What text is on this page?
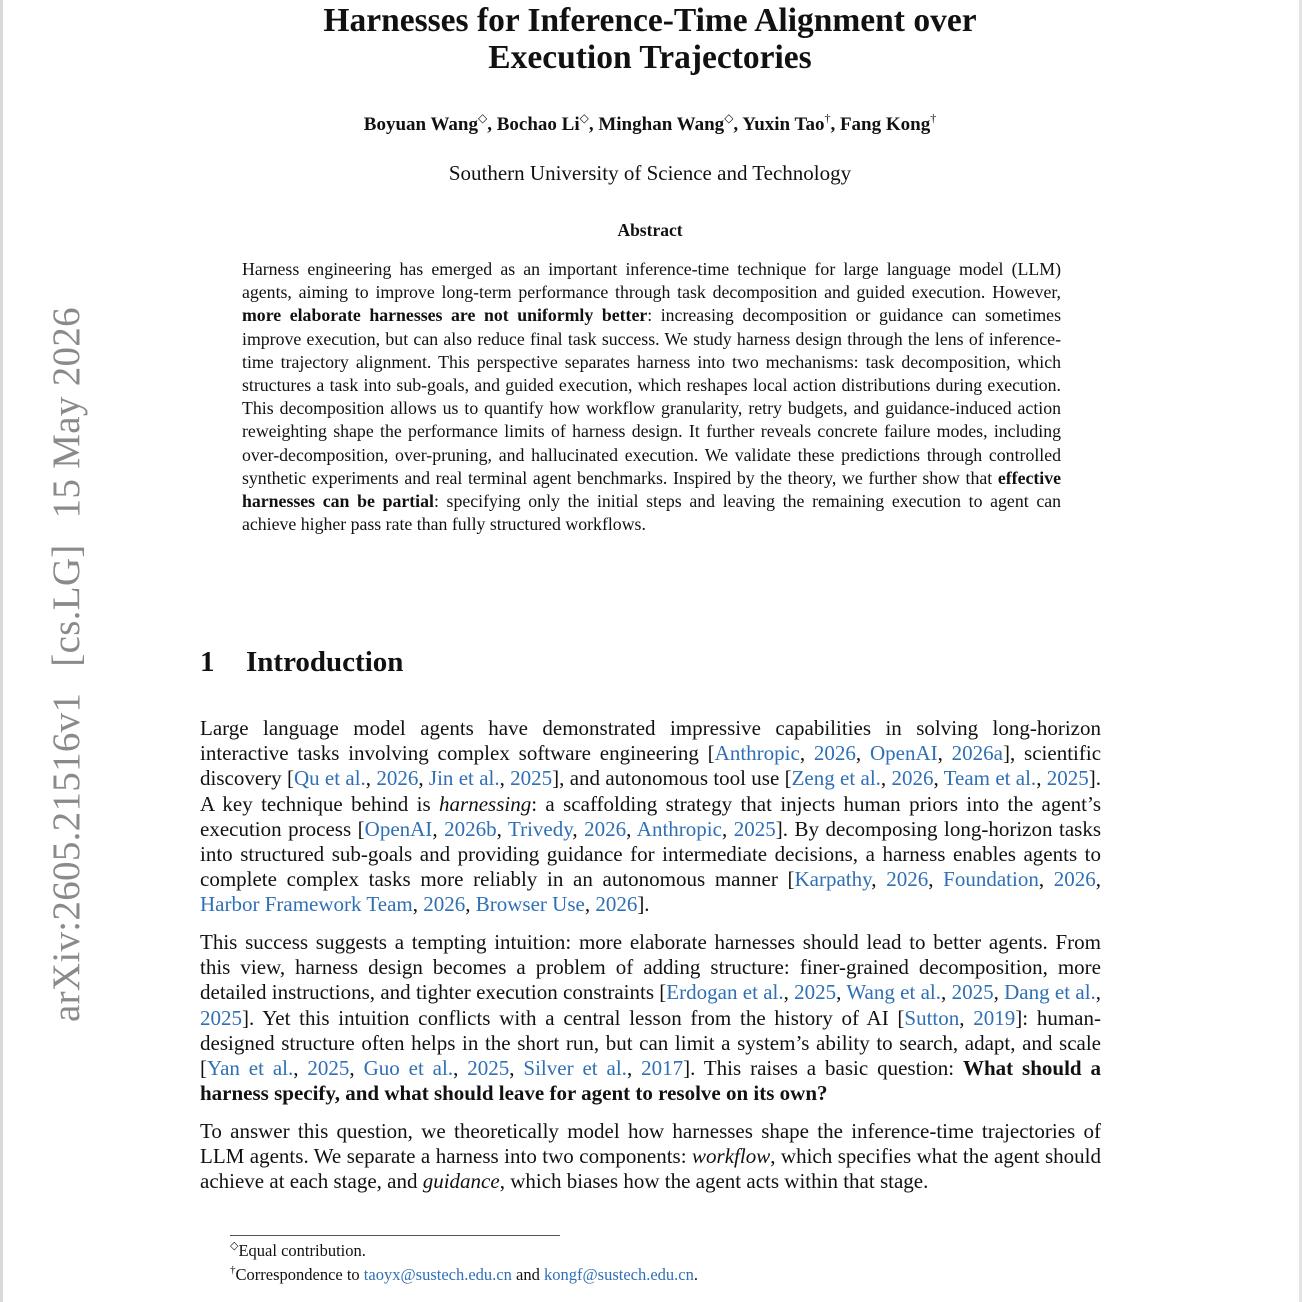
arXiv:2605.21516v1[cs.LG]15 May 2026
Harnesses for Inference-Time Alignment over
Execution Trajectories
Boyuan Wang◇, Bochao Li◇, Minghan Wang◇, Yuxin Tao†, Fang Kong†
Southern University of Science and Technology
Abstract

Harness engineering has emerged as an important inference-time technique for large language model (LLM) agents, aiming to improve long-term performance through task decomposition and guided execution. However, more elaborate harnesses are not uniformly better: increasing decomposition or guidance can sometimes improve execution, but can also reduce final task success. We study harness design through the lens of inference-time trajectory alignment. This perspective separates harness into two mechanisms: task decomposition, which structures a task into sub-goals, and guided execution, which reshapes local action distributions during execution. This decomposition allows us to quantify how workflow granularity, retry budgets, and guidance-induced action reweighting shape the performance limits of harness design. It further reveals concrete failure modes, including over-decomposition, over-pruning, and hallucinated execution. We validate these predictions through controlled synthetic experiments and real terminal agent benchmarks. Inspired by the theory, we further show that effective harnesses can be partial: specifying only the initial steps and leaving the remaining execution to agent can achieve higher pass rate than fully structured workflows.

1 Introduction

Large language model agents have demonstrated impressive capabilities in solving long-horizon interactive tasks involving complex software engineering [Anthropic, 2026, OpenAI, 2026a], scientific discovery [Qu et al., 2026, Jin et al., 2025], and autonomous tool use [Zeng et al., 2026, Team et al., 2025]. A key technique behind is harnessing: a scaffolding strategy that injects human priors into the agent’s execution process [OpenAI, 2026b, Trivedy, 2026, Anthropic, 2025]. By decomposing long-horizon tasks into structured sub-goals and providing guidance for intermediate decisions, a harness enables agents to complete complex tasks more reliably in an autonomous manner [Karpathy, 2026, Foundation, 2026, Harbor Framework Team, 2026, Browser Use, 2026].

This success suggests a tempting intuition: more elaborate harnesses should lead to better agents. From this view, harness design becomes a problem of adding structure: finer-grained decomposition, more detailed instructions, and tighter execution constraints [Erdogan et al., 2025, Wang et al., 2025, Dang et al., 2025]. Yet this intuition conflicts with a central lesson from the history of AI [Sutton, 2019]: human-designed structure often helps in the short run, but can limit a system’s ability to search, adapt, and scale [Yan et al., 2025, Guo et al., 2025, Silver et al., 2017]. This raises a basic question: What should a harness specify, and what should leave for agent to resolve on its own?

To answer this question, we theoretically model how harnesses shape the inference-time trajectories of LLM agents. We separate a harness into two components: workflow, which specifies what the agent should achieve at each stage, and guidance, which biases how the agent acts within that stage.

◇Equal contribution.
†Correspondence to taoyx@sustech.edu.cn and kongf@sustech.edu.cn.
